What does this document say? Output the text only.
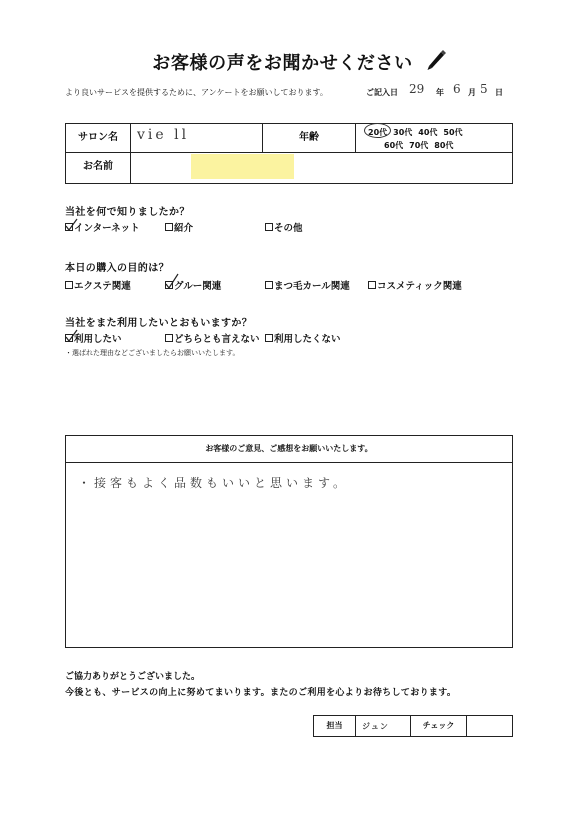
お客様の声をお聞かせください
より良いサービスを提供するために、アンケートをお願いしております。	ご記入日 29 年 6 月 5 日
サロン名	vie ll	年齢	20代 30代 40代 50代
60代 70代 80代
お名前
当社を何で知りましたか？
インターネット	紹介	その他
本日の購入の目的は？
エクステ関連	グルー関連	まつ毛カール関連	コスメティック関連
当社をまた利用したいとおもいますか？
利用したい	どちらとも言えない 利用したくない
・選ばれた理由などございましたらお願いいたします。
お客様のご意見、ご感想をお願いいたします。
・接客もよく品数もいいと思います。
ご協力ありがとうございました。
今後とも、サービスの向上に努めてまいります。またのご利用を心よりお待ちしております。
担当	ジュン	チェック
